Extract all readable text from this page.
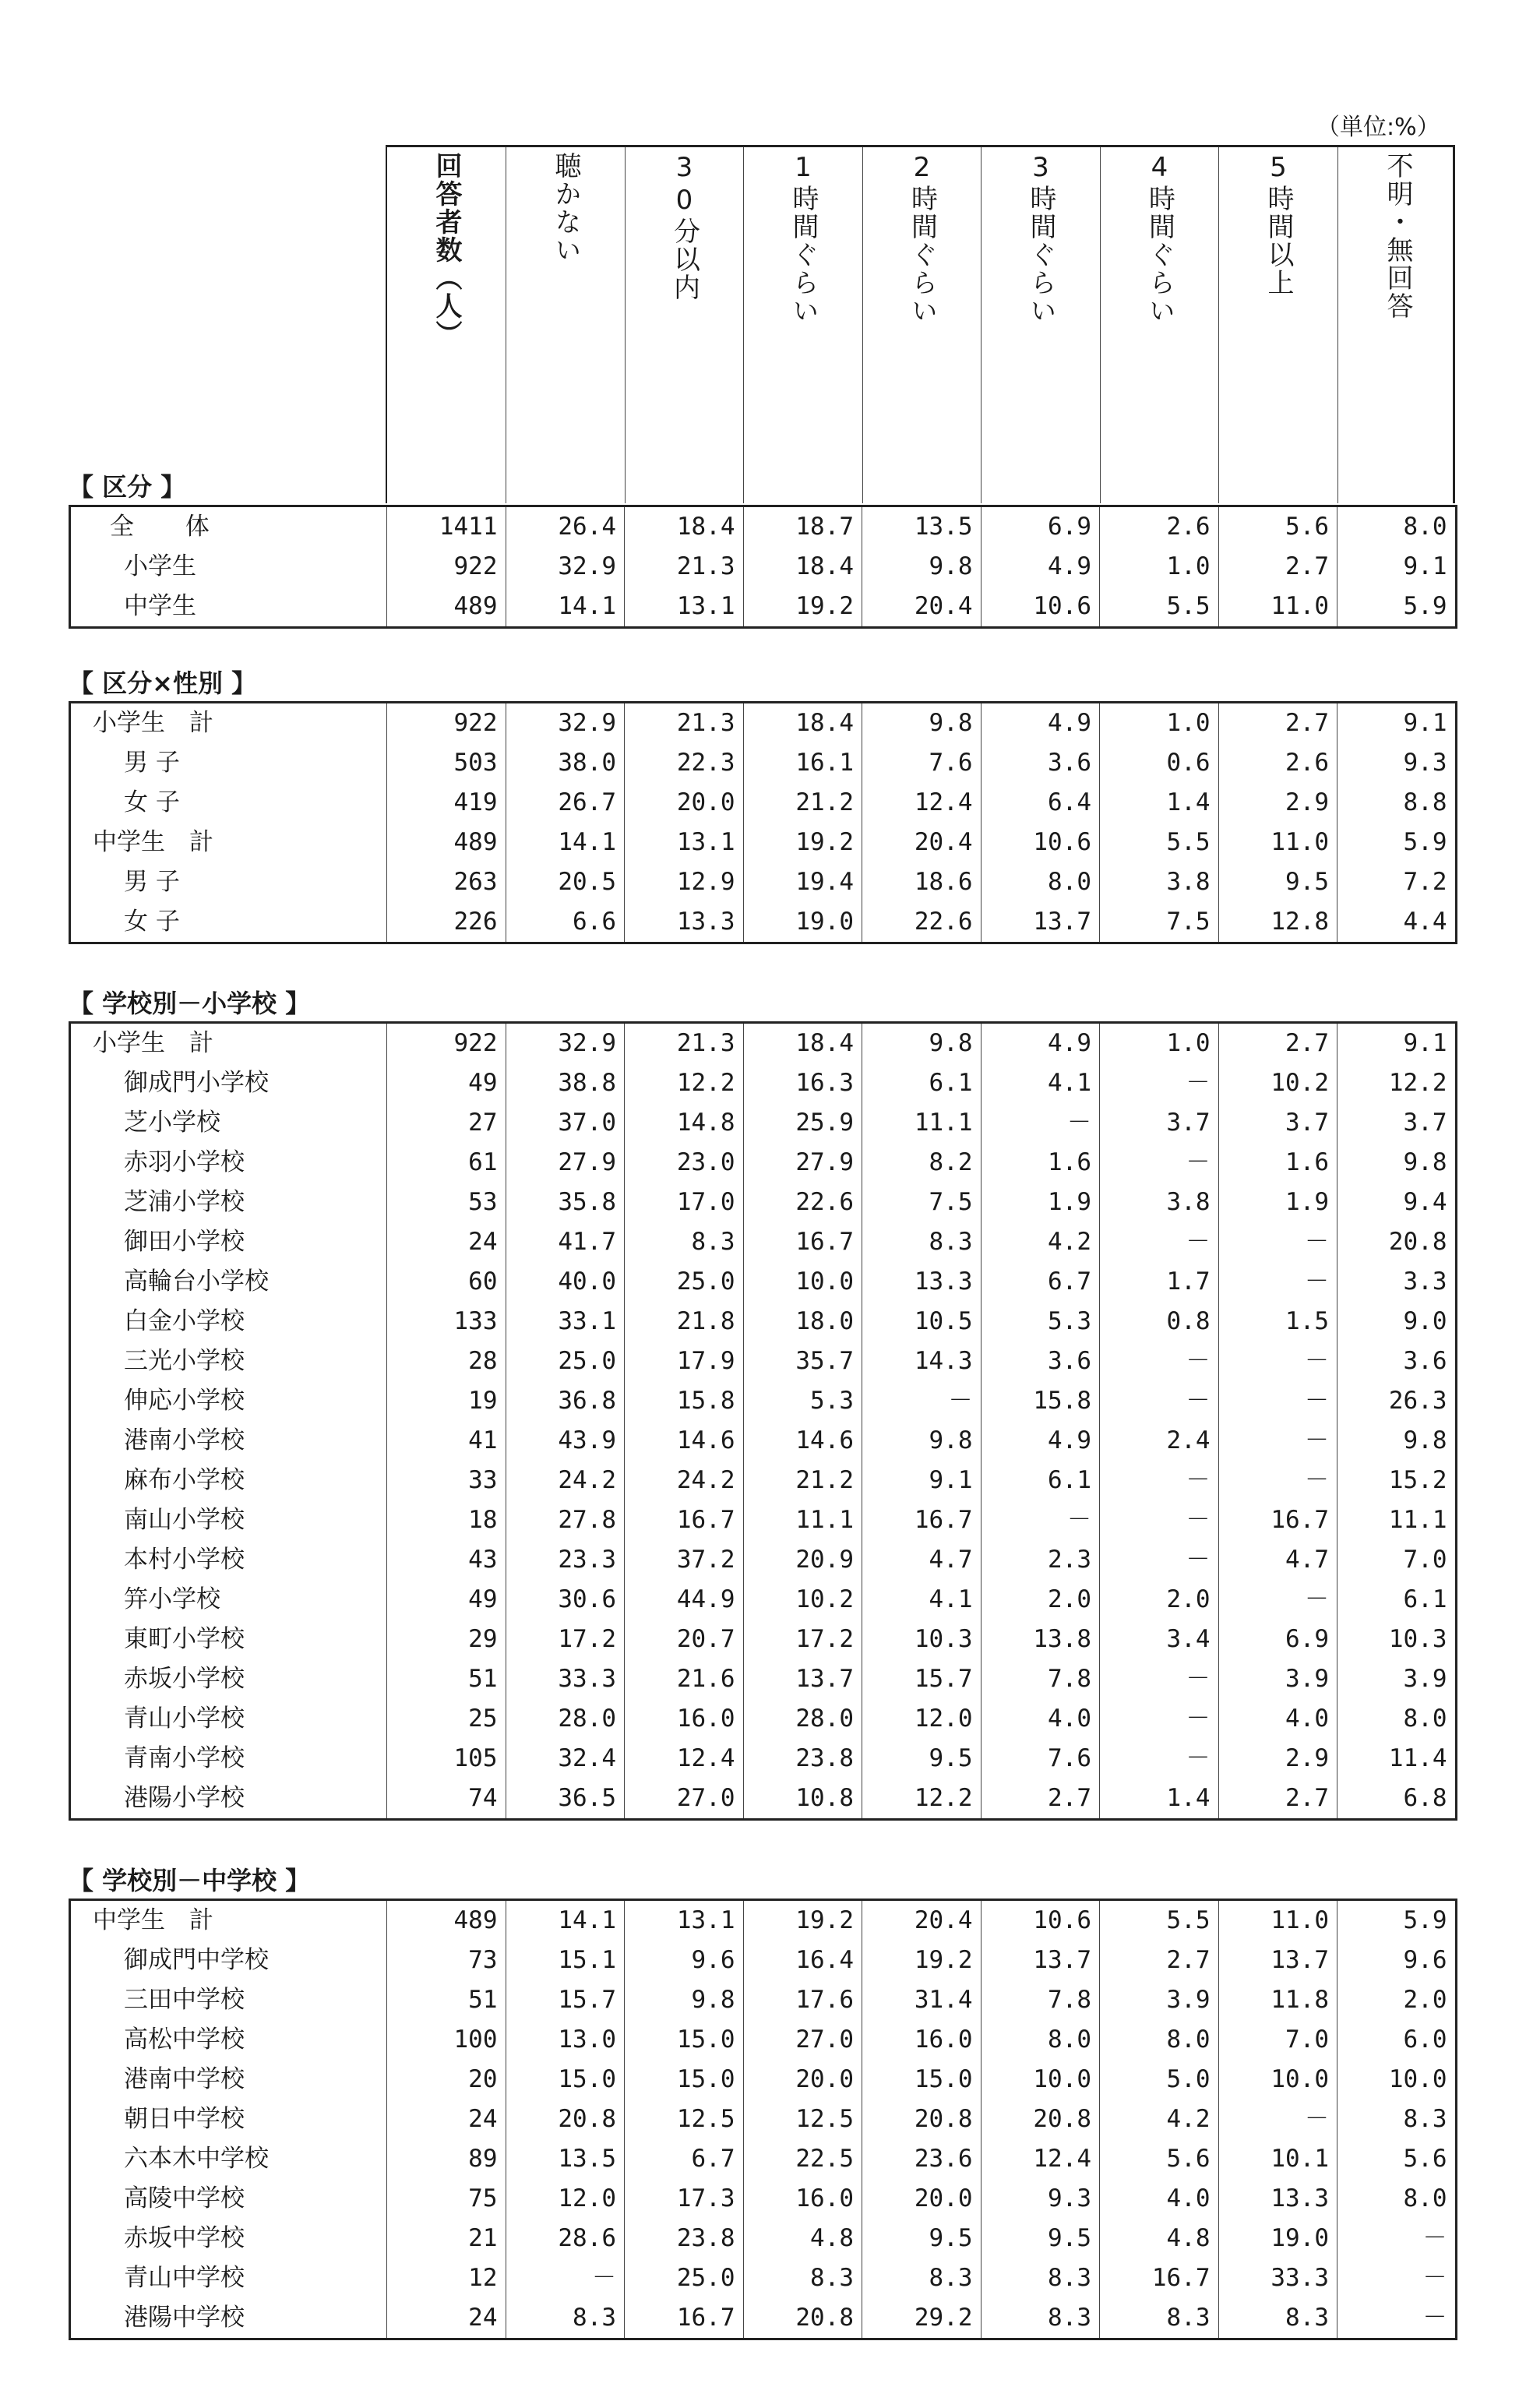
（単位:%）
回答者数（人）	聴かない	30分以内	1時間ぐらい	2時間ぐらい	3時間ぐらい	4時間ぐらい	5時間以上	不明・無回答
【 区分 】
全 体	1411	26.4	18.4	18.7	13.5	6.9	2.6	5.6	8.0
小学生	922	32.9	21.3	18.4	9.8	4.9	1.0	2.7	9.1
中学生	489	14.1	13.1	19.2	20.4	10.6	5.5	11.0	5.9
【 区分×性別 】
小学生　計	922	32.9	21.3	18.4	9.8	4.9	1.0	2.7	9.1
男 子	503	38.0	22.3	16.1	7.6	3.6	0.6	2.6	9.3
女 子	419	26.7	20.0	21.2	12.4	6.4	1.4	2.9	8.8
中学生　計	489	14.1	13.1	19.2	20.4	10.6	5.5	11.0	5.9
男 子	263	20.5	12.9	19.4	18.6	8.0	3.8	9.5	7.2
女 子	226	6.6	13.3	19.0	22.6	13.7	7.5	12.8	4.4
【 学校別－小学校 】
小学生　計	922	32.9	21.3	18.4	9.8	4.9	1.0	2.7	9.1
御成門小学校	49	38.8	12.2	16.3	6.1	4.1	－	10.2	12.2
芝小学校	27	37.0	14.8	25.9	11.1	－	3.7	3.7	3.7
赤羽小学校	61	27.9	23.0	27.9	8.2	1.6	－	1.6	9.8
芝浦小学校	53	35.8	17.0	22.6	7.5	1.9	3.8	1.9	9.4
御田小学校	24	41.7	8.3	16.7	8.3	4.2	－	－	20.8
高輪台小学校	60	40.0	25.0	10.0	13.3	6.7	1.7	－	3.3
白金小学校	133	33.1	21.8	18.0	10.5	5.3	0.8	1.5	9.0
三光小学校	28	25.0	17.9	35.7	14.3	3.6	－	－	3.6
伸応小学校	19	36.8	15.8	5.3	－	15.8	－	－	26.3
港南小学校	41	43.9	14.6	14.6	9.8	4.9	2.4	－	9.8
麻布小学校	33	24.2	24.2	21.2	9.1	6.1	－	－	15.2
南山小学校	18	27.8	16.7	11.1	16.7	－	－	16.7	11.1
本村小学校	43	23.3	37.2	20.9	4.7	2.3	－	4.7	7.0
笄小学校	49	30.6	44.9	10.2	4.1	2.0	2.0	－	6.1
東町小学校	29	17.2	20.7	17.2	10.3	13.8	3.4	6.9	10.3
赤坂小学校	51	33.3	21.6	13.7	15.7	7.8	－	3.9	3.9
青山小学校	25	28.0	16.0	28.0	12.0	4.0	－	4.0	8.0
青南小学校	105	32.4	12.4	23.8	9.5	7.6	－	2.9	11.4
港陽小学校	74	36.5	27.0	10.8	12.2	2.7	1.4	2.7	6.8
【 学校別－中学校 】
中学生　計	489	14.1	13.1	19.2	20.4	10.6	5.5	11.0	5.9
御成門中学校	73	15.1	9.6	16.4	19.2	13.7	2.7	13.7	9.6
三田中学校	51	15.7	9.8	17.6	31.4	7.8	3.9	11.8	2.0
高松中学校	100	13.0	15.0	27.0	16.0	8.0	8.0	7.0	6.0
港南中学校	20	15.0	15.0	20.0	15.0	10.0	5.0	10.0	10.0
朝日中学校	24	20.8	12.5	12.5	20.8	20.8	4.2	－	8.3
六本木中学校	89	13.5	6.7	22.5	23.6	12.4	5.6	10.1	5.6
高陵中学校	75	12.0	17.3	16.0	20.0	9.3	4.0	13.3	8.0
赤坂中学校	21	28.6	23.8	4.8	9.5	9.5	4.8	19.0	－
青山中学校	12	－	25.0	8.3	8.3	8.3	16.7	33.3	－
港陽中学校	24	8.3	16.7	20.8	29.2	8.3	8.3	8.3	－
